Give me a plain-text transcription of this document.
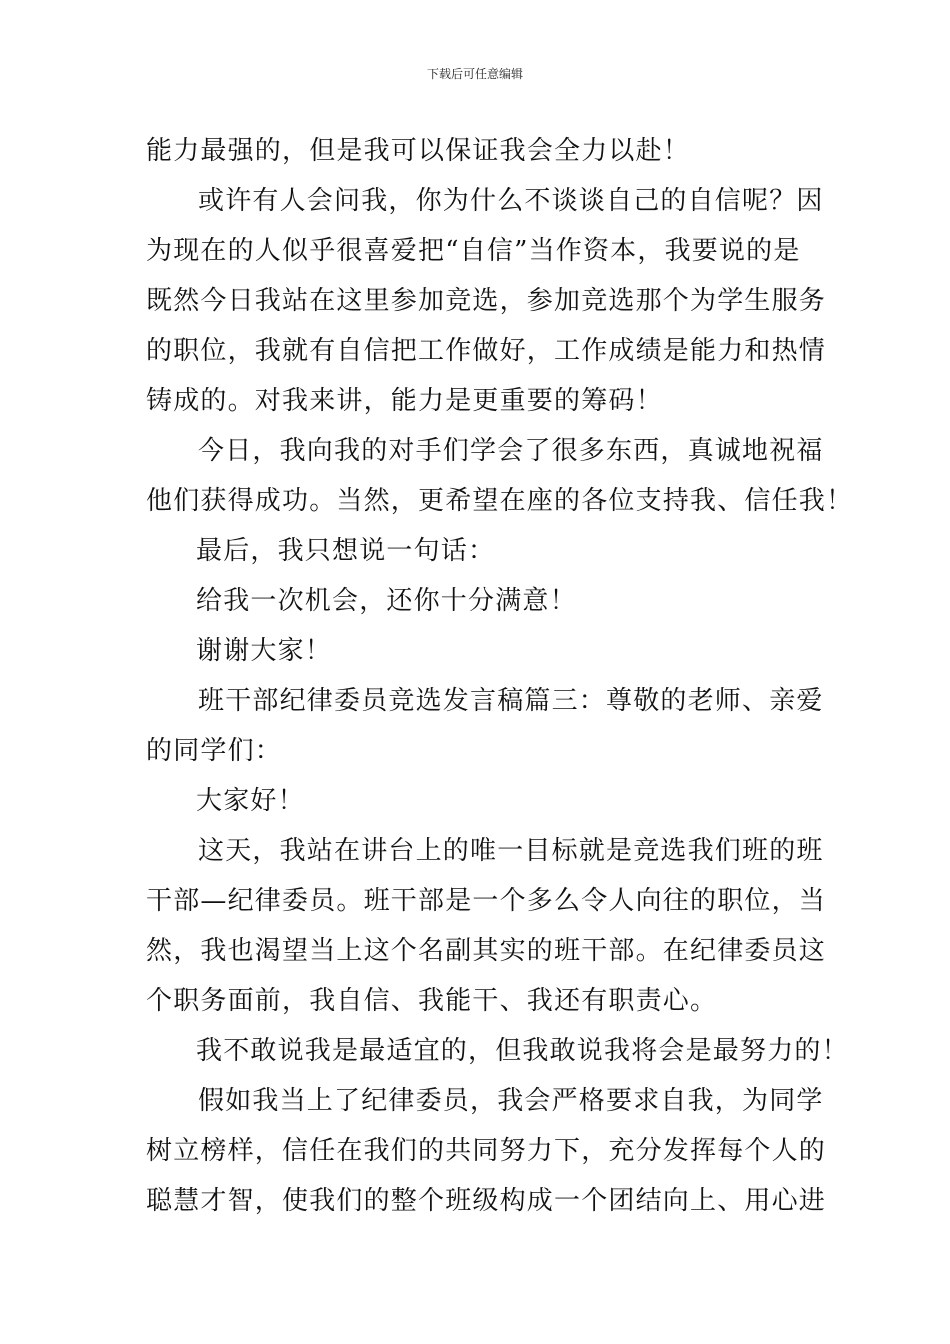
下载后可任意编辑

能力最强的，但是我可以保证我会全力以赴！

或许有人会问我，你为什么不谈谈自己的自信呢？因

为现在的人似乎很喜爱把“自信”当作资本，我要说的是

既然今日我站在这里参加竞选，参加竞选那个为学生服务

的职位，我就有自信把工作做好，工作成绩是能力和热情

铸成的。对我来讲，能力是更重要的筹码！

今日，我向我的对手们学会了很多东西，真诚地祝福

他们获得成功。当然，更希望在座的各位支持我、信任我！

最后，我只想说一句话：

给我一次机会，还你十分满意！

谢谢大家！

班干部纪律委员竞选发言稿篇三：尊敬的老师、亲爱

的同学们：

大家好！

这天，我站在讲台上的唯一目标就是竞选我们班的班

干部—纪律委员。班干部是一个多么令人向往的职位，当

然，我也渴望当上这个名副其实的班干部。在纪律委员这

个职务面前，我自信、我能干、我还有职责心。

我不敢说我是最适宜的，但我敢说我将会是最努力的！

假如我当上了纪律委员，我会严格要求自我，为同学

树立榜样，信任在我们的共同努力下，充分发挥每个人的

聪慧才智，使我们的整个班级构成一个团结向上、用心进
